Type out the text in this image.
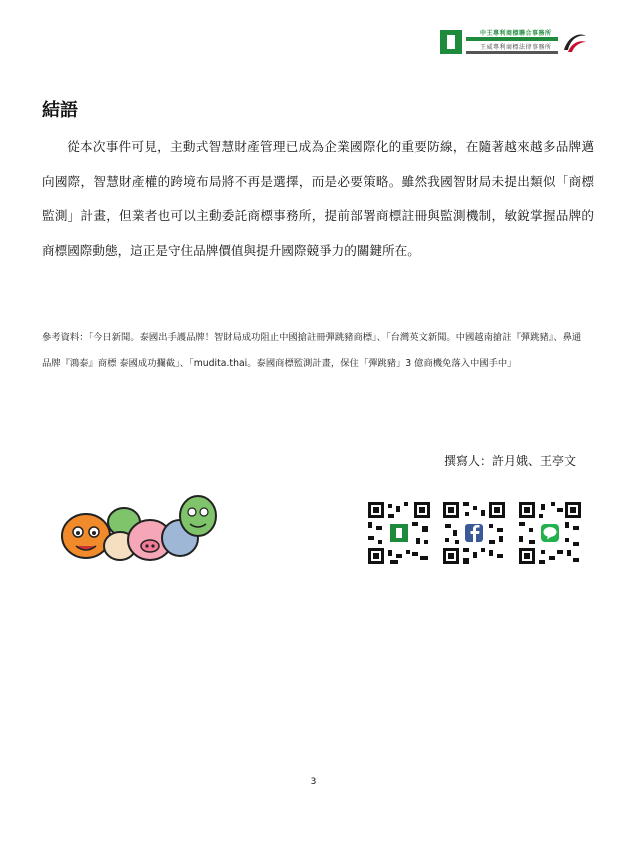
中王專利商標聯合事務所
王威專利商標法律事務所
結語
從本次事件可見，主動式智慧財產管理已成為企業國際化的重要防線，在隨著越來越多品牌邁向國際，智慧財產權的跨境布局將不再是選擇，而是必要策略。雖然我國智財局未提出類似「商標監測」計畫，但業者也可以主動委託商標事務所，提前部署商標註冊與監測機制，敏銳掌握品牌的商標國際動態，這正是守住品牌價值與提升國際競爭力的關鍵所在。
參考資料：「今日新聞。泰國出手護品牌！智財局成功阻止中國搶註冊彈跳豬商標」、「台灣英文新聞。中國越南搶註『彈跳豬』、鼻通品牌『鴻泰』商標 泰國成功攔截」、「mudita.thai。泰國商標監測計畫，保住「彈跳豬」3 億商機免落入中國手中」
撰寫人：許月娥、王亭文
3
